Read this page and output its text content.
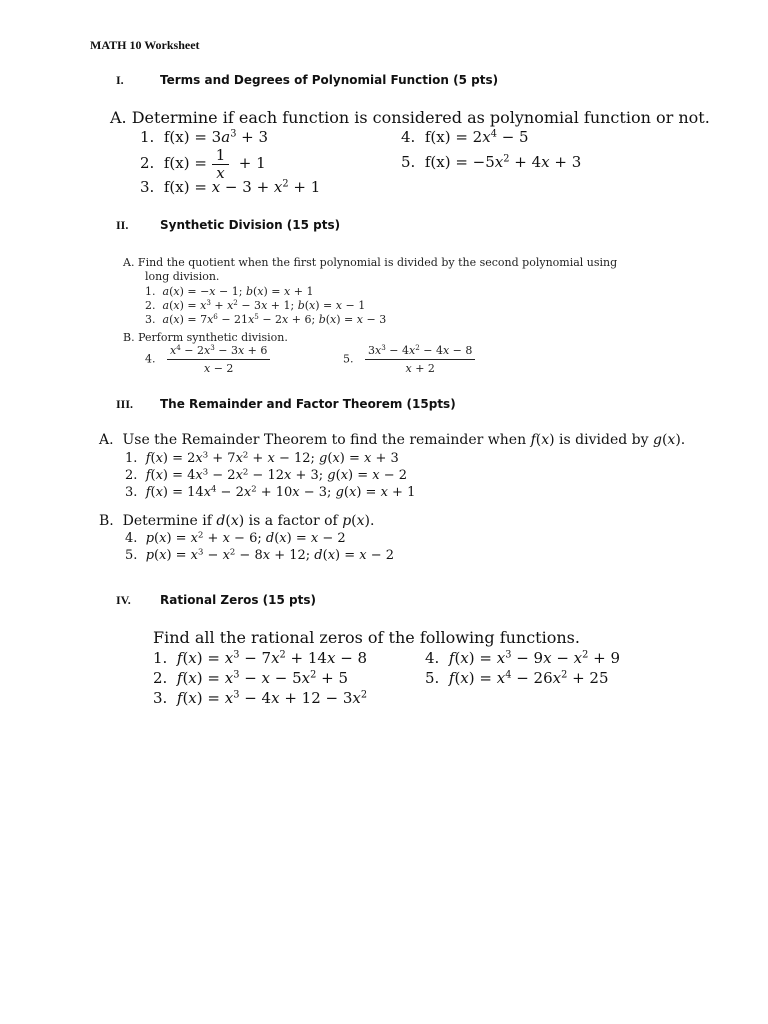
MATH 10 Worksheet
I.	Terms and Degrees of Polynomial Function (5 pts)
A. Determine if each function is considered as polynomial function or not.
1.  $f(x) = 3a^3 + 3$
2.  $f(x) = \frac{1}{x} + 1$
3.  $f(x) = x - 3 + x^2 + 1$
4.  $f(x) = 2x^4 - 5$
5.  $f(x) = -5x^2 + 4x + 3$
II.	Synthetic Division (15 pts)
A. Find the quotient when the first polynomial is divided by the second polynomial using
long division.
1. a(x) = −x − 1; b(x) = x + 1
2. $a(x) = x^3 + x^2 - 3x + 1$; b(x) = x − 1
3. $a(x) = 7x^6 - 21x^5 - 2x + 6$; b(x) = x − 3
B. Perform synthetic division.
4. $\frac{x^4 - 2x^3 - 3x + 6}{x - 2}$	5. $\frac{3x^3 - 4x^2 - 4x - 8}{x + 2}$
III. The Remainder and Factor Theorem (15pts)
A.  Use the Remainder Theorem to find the remainder when f(x) is divided by g(x).
1. $f(x) = 2x^3 + 7x^2 + x - 12$; g(x) = x + 3
2. $f(x) = 4x^3 - 2x^2 - 12x + 3$; g(x) = x − 2
3. $f(x) = 14x^4 - 2x^2 + 10x - 3$; g(x) = x + 1
B.  Determine if d(x) is a factor of p(x).
4. $p(x) = x^2 + x - 6$; d(x) = x − 2
5. $p(x) = x^3 - x^2 - 8x + 12$; d(x) = x − 2
IV. Rational Zeros (15 pts)
Find all the rational zeros of the following functions.
1. $f(x) = x^3 - 7x^2 + 14x - 8$
2. $f(x) = x^3 - x - 5x^2 + 5$
3. $f(x) = x^3 - 4x + 12 - 3x^2$
4. $f(x) = x^3 - 9x - x^2 + 9$
5. $f(x) = x^4 - 26x^2 + 25$
